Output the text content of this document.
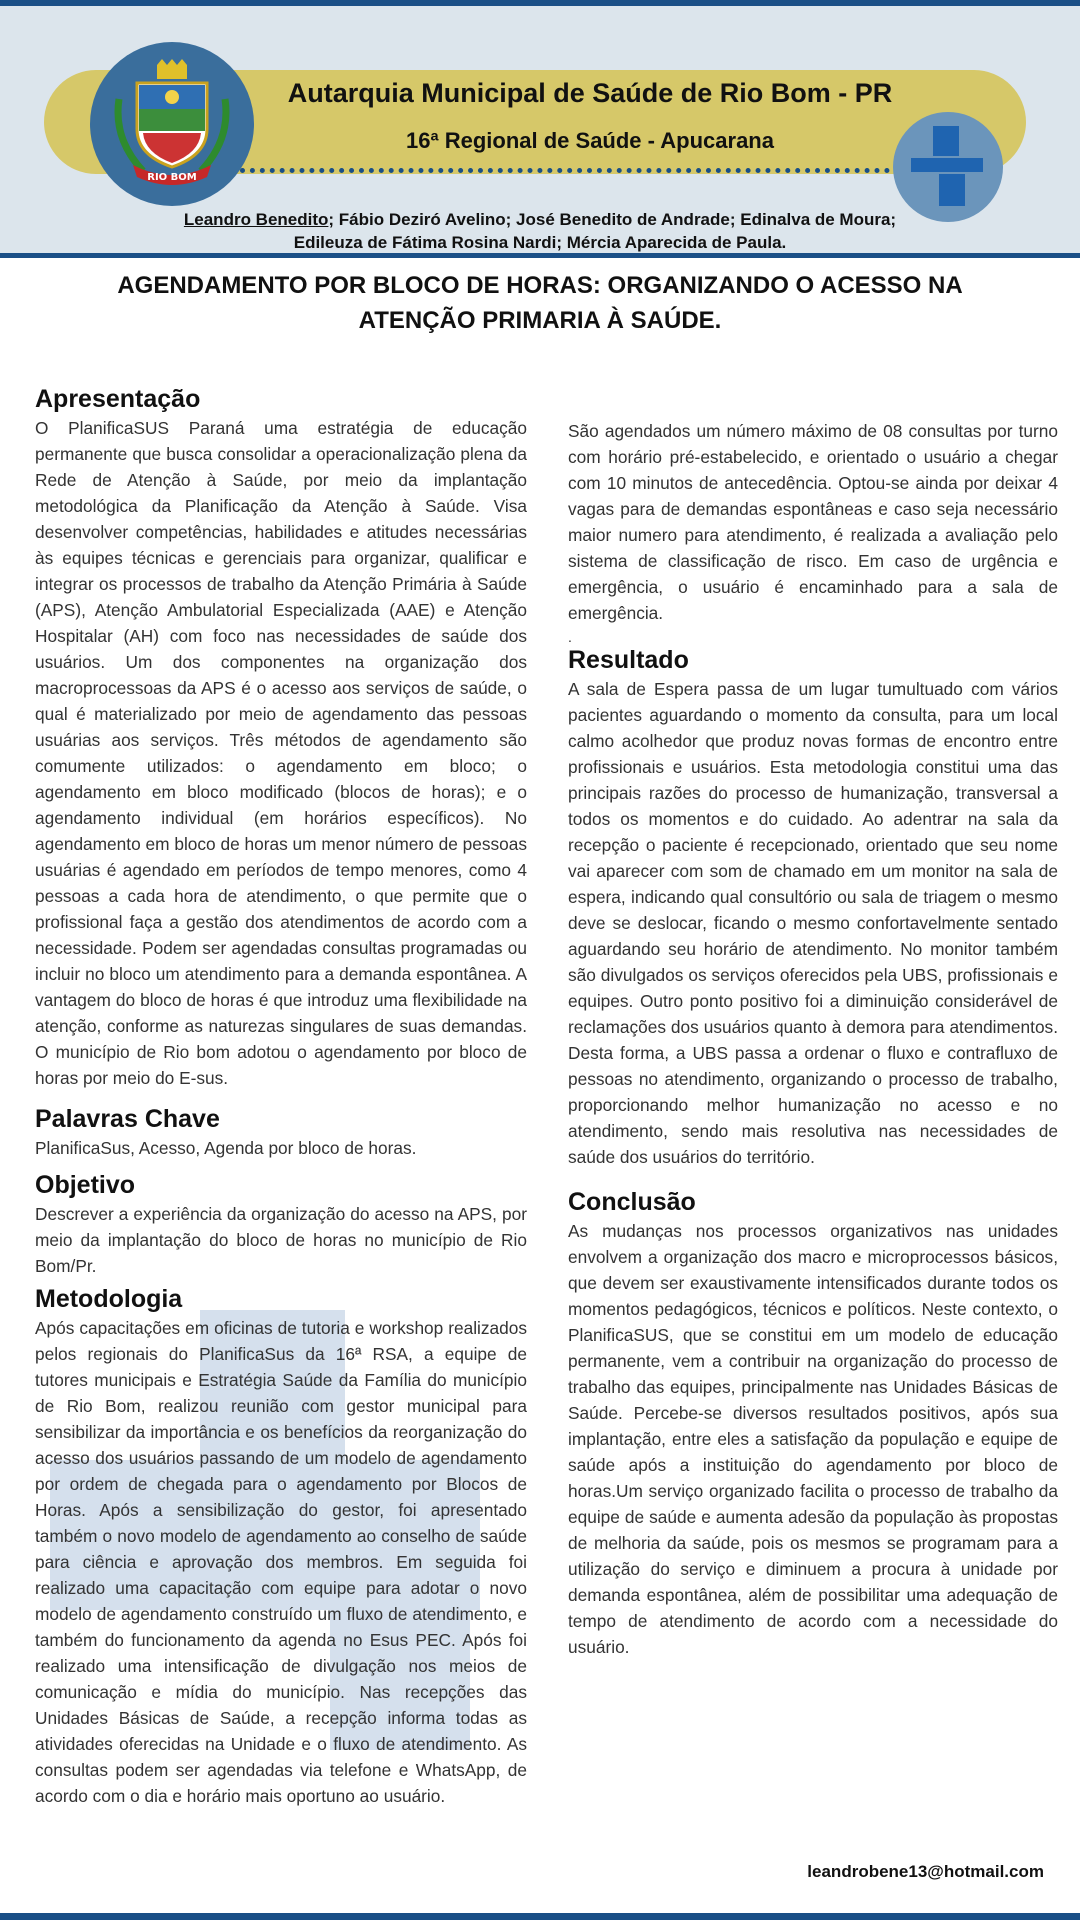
RIO BOM
Autarquia Municipal de Saúde de Rio Bom - PR
16ª Regional de Saúde - Apucarana
Leandro Benedito; Fábio Deziró Avelino; José Benedito de Andrade; Edinalva de Moura;
Edileuza de Fátima Rosina Nardi; Mércia Aparecida de Paula.
AGENDAMENTO POR BLOCO DE HORAS: ORGANIZANDO O ACESSO NA ATENÇÃO PRIMARIA À SAÚDE.
Apresentação

O PlanificaSUS Paraná uma estratégia de educação permanente que busca consolidar a operacionalização plena da Rede de Atenção à Saúde, por meio da implantação metodológica da Planificação da Atenção à Saúde. Visa desenvolver competências, habilidades e atitudes necessárias às equipes técnicas e gerenciais para organizar, qualificar e integrar os processos de trabalho da Atenção Primária à Saúde (APS), Atenção Ambulatorial Especializada (AAE) e Atenção Hospitalar (AH) com foco nas necessidades de saúde dos usuários. Um dos componentes na organização dos macroprocessoas da APS é o acesso aos serviços de saúde, o qual é materializado por meio de agendamento das pessoas usuárias aos serviços. Três métodos de agendamento são comumente utilizados: o agendamento em bloco; o agendamento em bloco modificado (blocos de horas); e o agendamento individual (em horários específicos). No agendamento em bloco de horas um menor número de pessoas usuárias é agendado em períodos de tempo menores, como 4 pessoas a cada hora de atendimento, o que permite que o profissional faça a gestão dos atendimentos de acordo com a necessidade. Podem ser agendadas consultas programadas ou incluir no bloco um atendimento para a demanda espontânea. A vantagem do bloco de horas é que introduz uma flexibilidade na atenção, conforme as naturezas singulares de suas demandas. O município de Rio bom adotou o agendamento por bloco de horas por meio do E-sus.

Palavras Chave

PlanificaSus, Acesso, Agenda por bloco de horas.

Objetivo

Descrever a experiência da organização do acesso na APS, por meio da implantação do bloco de horas no município de Rio Bom/Pr.

Metodologia

Após capacitações em oficinas de tutoria e workshop realizados pelos regionais do PlanificaSus da 16ª RSA, a equipe de tutores municipais e Estratégia Saúde da Família do município de Rio Bom, realizou reunião com gestor municipal para sensibilizar da importância e os benefícios da reorganização do acesso dos usuários passando de um modelo de agendamento por ordem de chegada para o agendamento por Blocos de Horas. Após a sensibilização do gestor, foi apresentado também o novo modelo de agendamento ao conselho de saúde para ciência e aprovação dos membros. Em seguida foi realizado uma capacitação com equipe para adotar o novo modelo de agendamento construído um fluxo de atendimento, e também do funcionamento da agenda no Esus PEC. Após foi realizado uma intensificação de divulgação nos meios de comunicação e mídia do município. Nas recepções das Unidades Básicas de Saúde, a recepção informa todas as atividades oferecidas na Unidade e o fluxo de atendimento. As consultas podem ser agendadas via telefone e WhatsApp, de acordo com o dia e horário mais oportuno ao usuário.

São agendados um número máximo de 08 consultas por turno com horário pré-estabelecido, e orientado o usuário a chegar com 10 minutos de antecedência. Optou-se ainda por deixar 4 vagas para de demandas espontâneas e caso seja necessário maior numero para atendimento, é realizada a avaliação pelo sistema de classificação de risco. Em caso de urgência e emergência, o usuário é encaminhado para a sala de emergência.

.
Resultado

A sala de Espera passa de um lugar tumultuado com vários pacientes aguardando o momento da consulta, para um local calmo acolhedor que produz novas formas de encontro entre profissionais e usuários. Esta metodologia constitui uma das principais razões do processo de humanização, transversal a todos os momentos e do cuidado. Ao adentrar na sala da recepção o paciente é recepcionado, orientado que seu nome vai aparecer com som de chamado em um monitor na sala de espera, indicando qual consultório ou sala de triagem o mesmo deve se deslocar, ficando o mesmo confortavelmente sentado aguardando seu horário de atendimento. No monitor também são divulgados os serviços oferecidos pela UBS, profissionais e equipes. Outro ponto positivo foi a diminuição considerável de reclamações dos usuários quanto à demora para atendimentos. Desta forma, a UBS passa a ordenar o fluxo e contrafluxo de pessoas no atendimento, organizando o processo de trabalho, proporcionando melhor humanização no acesso e no atendimento, sendo mais resolutiva nas necessidades de saúde dos usuários do território.

Conclusão

As mudanças nos processos organizativos nas unidades envolvem a organização dos macro e microprocessos básicos, que devem ser exaustivamente intensificados durante todos os momentos pedagógicos, técnicos e políticos. Neste contexto, o PlanificaSUS, que se constitui em um modelo de educação permanente, vem a contribuir na organização do processo de trabalho das equipes, principalmente nas Unidades Básicas de Saúde. Percebe-se diversos resultados positivos, após sua implantação, entre eles a satisfação da população e equipe de saúde após a instituição do agendamento por bloco de horas.Um serviço organizado facilita o processo de trabalho da equipe de saúde e aumenta adesão da população às propostas de melhoria da saúde, pois os mesmos se programam para a utilização do serviço e diminuem a procura à unidade por demanda espontânea, além de possibilitar uma adequação de tempo de atendimento de acordo com a necessidade do usuário.

leandrobene13@hotmail.com
